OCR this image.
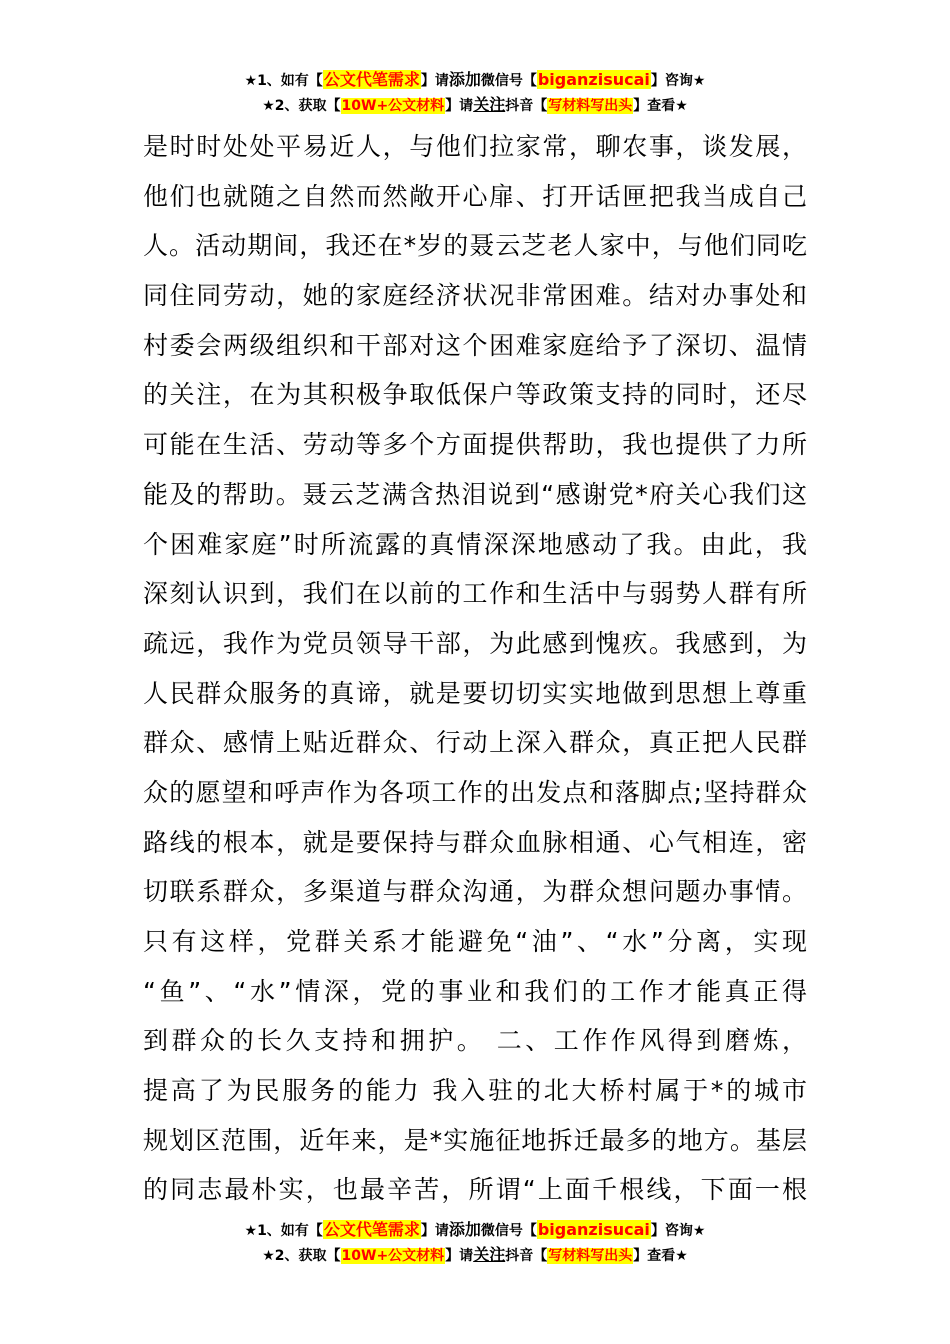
★1、如有【公文代笔需求】请添加微信号【biganzisucai】咨询★
★2、获取【10W+公文材料】请关注抖音【写材料写出头】查看★
是时时处处平易近人，与他们拉家常，聊农事，谈发展，
他们也就随之自然而然敞开心扉、打开话匣把我当成自己
人。活动期间，我还在*岁的聂云芝老人家中，与他们同吃
同住同劳动，她的家庭经济状况非常困难。结对办事处和
村委会两级组织和干部对这个困难家庭给予了深切、温情
的关注，在为其积极争取低保户等政策支持的同时，还尽
可能在生活、劳动等多个方面提供帮助，我也提供了力所
能及的帮助。聂云芝满含热泪说到“感谢党*府关心我们这
个困难家庭”时所流露的真情深深地感动了我。由此，我
深刻认识到，我们在以前的工作和生活中与弱势人群有所
疏远，我作为党员领导干部，为此感到愧疚。我感到，为
人民群众服务的真谛，就是要切切实实地做到思想上尊重
群众、感情上贴近群众、行动上深入群众，真正把人民群
众的愿望和呼声作为各项工作的出发点和落脚点;坚持群众
路线的根本，就是要保持与群众血脉相通、心气相连，密
切联系群众，多渠道与群众沟通，为群众想问题办事情。
只有这样，党群关系才能避免“油”、“水”分离，实现
“鱼”、“水”情深，党的事业和我们的工作才能真正得
到群众的长久支持和拥护。 二、工作作风得到磨炼，
提高了为民服务的能力 我入驻的北大桥村属于*的城市
规划区范围，近年来，是*实施征地拆迁最多的地方。基层
的同志最朴实，也最辛苦，所谓“上面千根线，下面一根
★1、如有【公文代笔需求】请添加微信号【biganzisucai】咨询★
★2、获取【10W+公文材料】请关注抖音【写材料写出头】查看★
